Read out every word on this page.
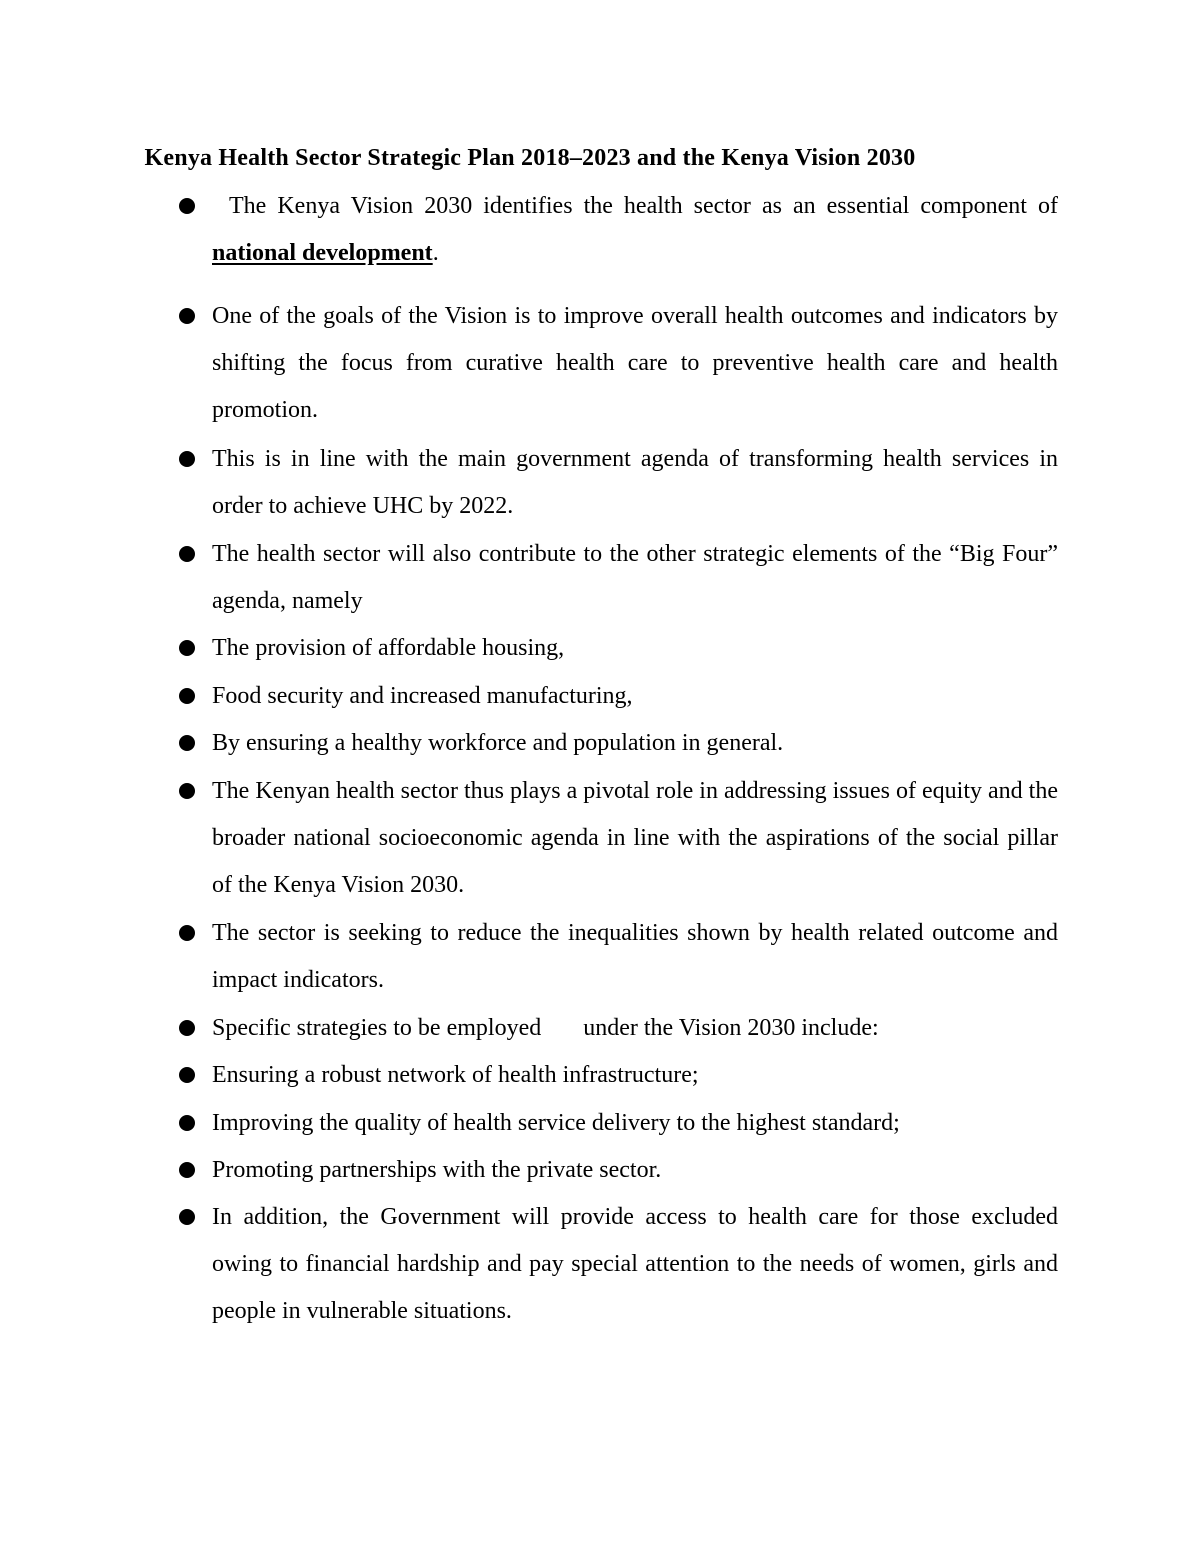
Kenya Health Sector Strategic Plan 2018–2023 and the Kenya Vision 2030
The Kenya Vision 2030 identifies the health sector as an essential component of national development.
One of the goals of the Vision is to improve overall health outcomes and indicators by shifting the focus from curative health care to preventive health care and health promotion.
This is in line with the main government agenda of transforming health services in order to achieve UHC by 2022.
The health sector will also contribute to the other strategic elements of the “Big Four” agenda, namely
The provision of affordable housing,
Food security and increased manufacturing,
By ensuring a healthy workforce and population in general.
The Kenyan health sector thus plays a pivotal role in addressing issues of equity and the broader national socioeconomic agenda in line with the aspirations of the social pillar of the Kenya Vision 2030.
The sector is seeking to reduce the inequalities shown by health related outcome and impact indicators.
Specific strategies to be employed under the Vision 2030 include:
Ensuring a robust network of health infrastructure;
Improving the quality of health service delivery to the highest standard;
Promoting partnerships with the private sector.
In addition, the Government will provide access to health care for those excluded owing to financial hardship and pay special attention to the needs of women, girls and people in vulnerable situations.
